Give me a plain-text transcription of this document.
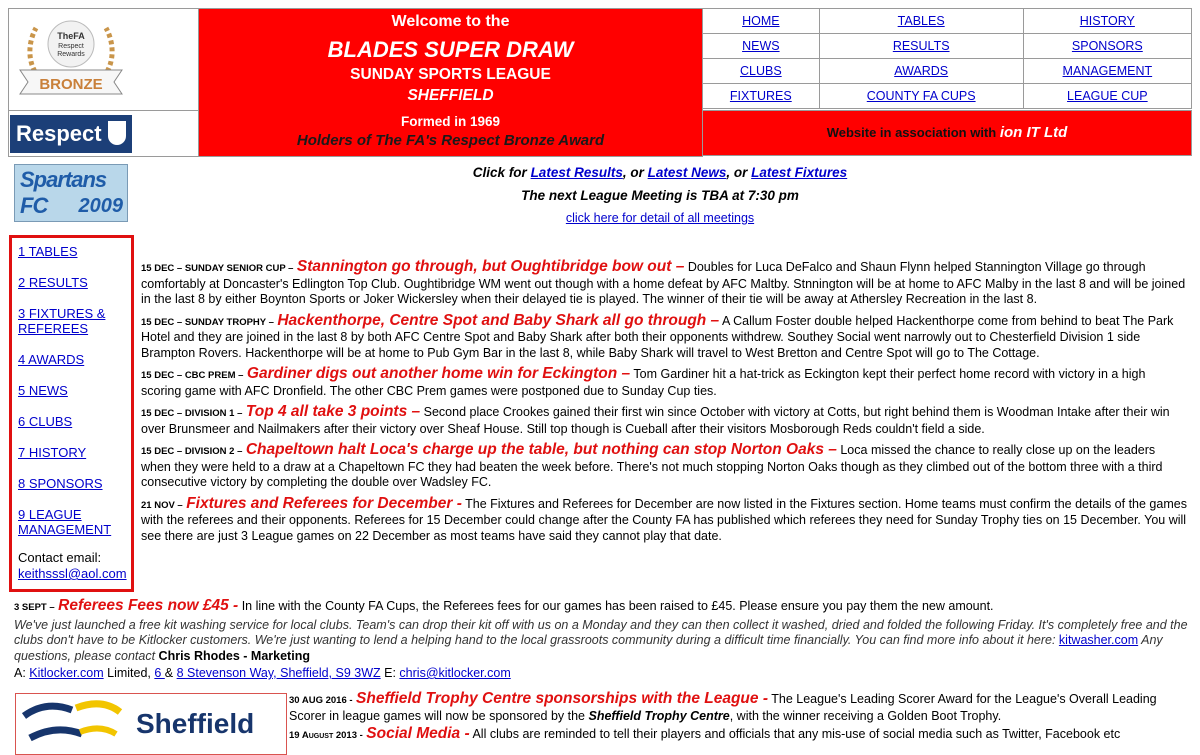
Welcome to the
BLADES SUPER DRAW
SUNDAY SPORTS LEAGUE
SHEFFIELD
Formed in 1969
Holders of The FA's Respect Bronze Award
HOME	TABLES	HISTORY
NEWS	RESULTS	SPONSORS
CLUBS	AWARDS	MANAGEMENT
FIXTURES	COUNTY FA CUPS	LEAGUE CUP
Website in association with ion IT Ltd
TheFA
Respect
Rewards
BRONZE
Respect
Spartans FC	2009
Click for Latest Results, or Latest News, or Latest Fixtures
The next League Meeting is TBA at 7:30 pm
click here for detail of all meetings
1 TABLES
2 RESULTS
3 FIXTURES & REFEREES
4 AWARDS
5 NEWS
6 CLUBS
7 HISTORY
8 SPONSORS
9 LEAGUE MANAGEMENT
Contact email:
keithsssl@aol.com

15 DEC – SUNDAY SENIOR CUP – Stannington go through, but Oughtibridge bow out – Doubles for Luca DeFalco and Shaun Flynn helped Stannington Village go through comfortably at Doncaster's Edlington Top Club. Oughtibridge WM went out though with a home defeat by AFC Maltby. Stnnington will be at home to AFC Malby in the last 8 and will be joined in the last 8 by either Boynton Sports or Joker Wickersley when their delayed tie is played. The winner of their tie will be away at Athersley Recreation in the last 8.

15 DEC – SUNDAY TROPHY – Hackenthorpe, Centre Spot and Baby Shark all go through – A Callum Foster double helped Hackenthorpe come from behind to beat The Park Hotel and they are joined in the last 8 by both AFC Centre Spot and Baby Shark after both their opponents withdrew. Southey Social went narrowly out to Chesterfield Division 1 side Brampton Rovers. Hackenthorpe will be at home to Pub Gym Bar in the last 8, while Baby Shark will travel to West Bretton and Centre Spot will go to The Cottage.

15 DEC – CBC PREM – Gardiner digs out another home win for Eckington – Tom Gardiner hit a hat-trick as Eckington kept their perfect home record with victory in a high scoring game with AFC Dronfield. The other CBC Prem games were postponed due to Sunday Cup ties.

15 DEC – DIVISION 1 – Top 4 all take 3 points – Second place Crookes gained their first win since October with victory at Cotts, but right behind them is Woodman Intake after their win over Brunsmeer and Nailmakers after their victory over Sheaf House. Still top though is Cueball after their visitors Mosborough Reds couldn't field a side.

15 DEC – DIVISION 2 – Chapeltown halt Loca's charge up the table, but nothing can stop Norton Oaks – Loca missed the chance to really close up on the leaders when they were held to a draw at a Chapeltown FC they had beaten the week before. There's not much stopping Norton Oaks though as they climbed out of the bottom three with a third consecutive victory by completing the double over Wadsley FC.

21 NOV – Fixtures and Referees for December - The Fixtures and Referees for December are now listed in the Fixtures section. Home teams must confirm the details of the games with the referees and their opponents. Referees for 15 December could change after the County FA has published which referees they need for Sunday Trophy ties on 15 December. You will see there are just 3 League games on 22 December as most teams have said they cannot play that date.

3 SEPT – Referees Fees now £45 - In line with the County FA Cups, the Referees fees for our games has been raised to £45. Please ensure you pay them the new amount.

We've just launched a free kit washing service for local clubs. Team's can drop their kit off with us on a Monday and they can then collect it washed, dried and folded the following Friday. It's completely free and the clubs don't have to be Kitlocker customers. We're just wanting to lend a helping hand to the local grassroots community during a difficult time financially. You can find more info about it here: kitwasher.com Any questions, please contact Chris Rhodes - Marketing

A: Kitlocker.com Limited, 6 & 8 Stevenson Way, Sheffield, S9 3WZ E: chris@kitlocker.com

Sheffield

30 AUG 2016 - Sheffield Trophy Centre sponsorships with the League - The League's Leading Scorer Award for the League's Overall Leading Scorer in league games will now be sponsored by the Sheffield Trophy Centre, with the winner receiving a Golden Boot Trophy.

19 August 2013 - Social Media - All clubs are reminded to tell their players and officials that any mis-use of social media such as Twitter, Facebook etc
